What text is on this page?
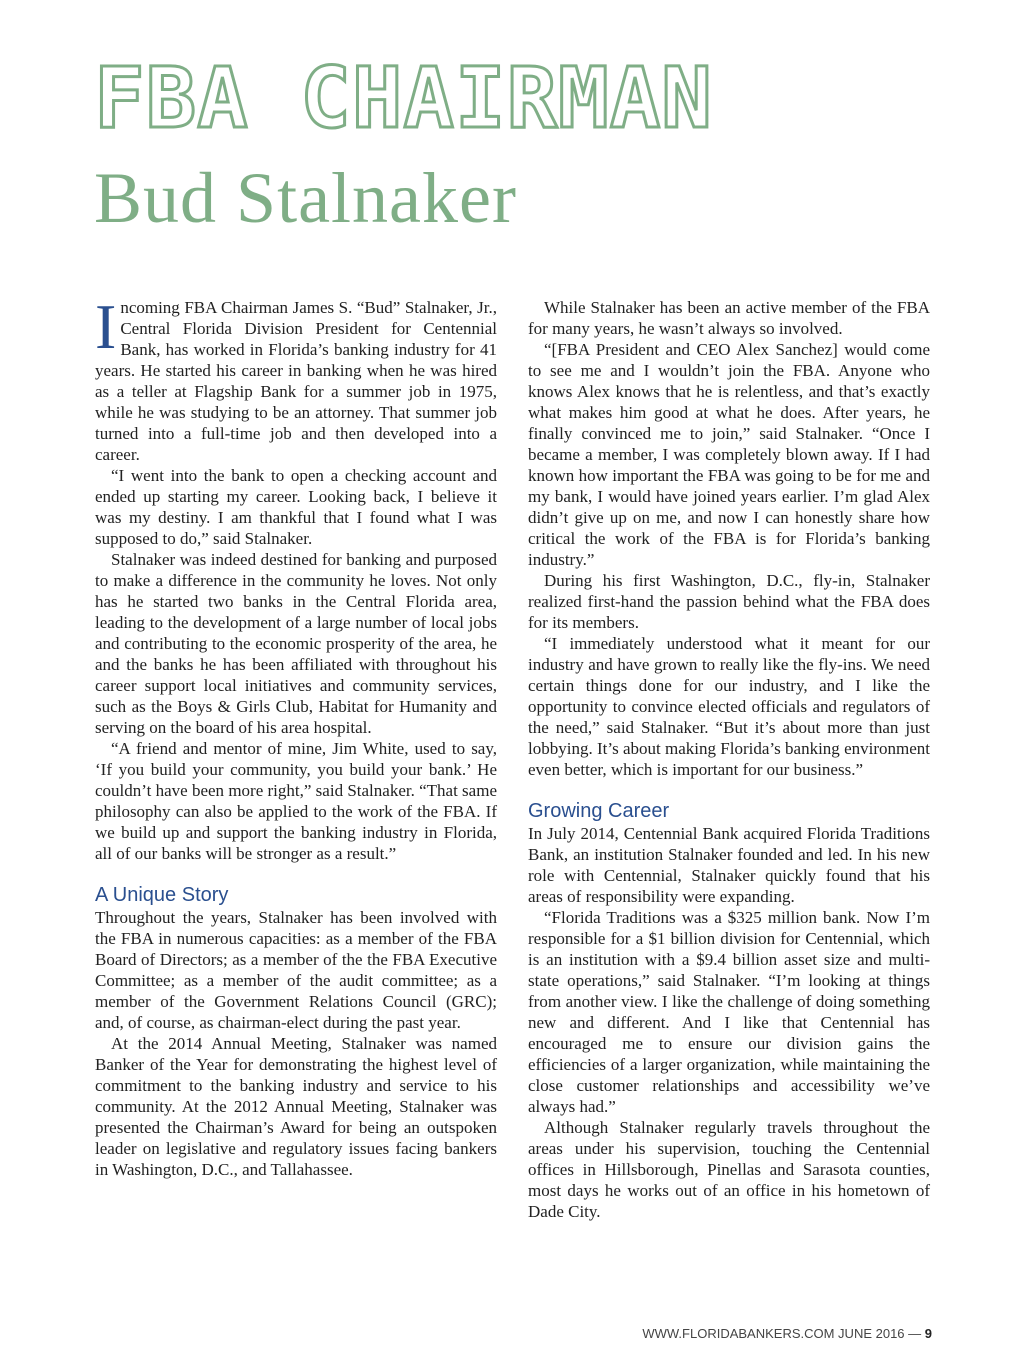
FBA CHAIRMAN
Bud Stalnaker

Incoming FBA Chairman James S. “Bud” Stalnaker, Jr., Central Florida Division President for Centennial Bank, has worked in Florida’s banking industry for 41 years. He started his career in banking when he was hired as a teller at Flagship Bank for a summer job in 1975, while he was studying to be an attorney. That summer job turned into a full-time job and then developed into a career.

“I went into the bank to open a checking account and ended up starting my career. Looking back, I believe it was my destiny. I am thankful that I found what I was supposed to do,” said Stalnaker.

Stalnaker was indeed destined for banking and purposed to make a difference in the community he loves. Not only has he started two banks in the Central Florida area, leading to the development of a large number of local jobs and contributing to the economic prosperity of the area, he and the banks he has been affiliated with throughout his career support local initiatives and community services, such as the Boys & Girls Club, Habitat for Humanity and serving on the board of his area hospital.

“A friend and mentor of mine, Jim White, used to say, ‘If you build your community, you build your bank.’ He couldn’t have been more right,” said Stalnaker. “That same philosophy can also be applied to the work of the FBA. If we build up and support the banking industry in Florida, all of our banks will be stronger as a result.”

A Unique Story

Throughout the years, Stalnaker has been involved with the FBA in numerous capacities: as a member of the FBA Board of Directors; as a member of the the FBA Executive Committee; as a member of the audit committee; as a member of the Government Relations Council (GRC); and, of course, as chairman-elect during the past year.

At the 2014 Annual Meeting, Stalnaker was named Banker of the Year for demonstrating the highest level of commitment to the banking industry and service to his community. At the 2012 Annual Meeting, Stalnaker was presented the Chairman’s Award for being an outspoken leader on legislative and regulatory issues facing bankers in Washington, D.C., and Tallahassee.

While Stalnaker has been an active member of the FBA for many years, he wasn’t always so involved.

“[FBA President and CEO Alex Sanchez] would come to see me and I wouldn’t join the FBA. Anyone who knows Alex knows that he is relentless, and that’s exactly what makes him good at what he does. After years, he finally convinced me to join,” said Stalnaker. “Once I became a member, I was completely blown away. If I had known how important the FBA was going to be for me and my bank, I would have joined years earlier. I’m glad Alex didn’t give up on me, and now I can honestly share how critical the work of the FBA is for Florida’s banking industry.”

During his first Washington, D.C., fly-in, Stalnaker realized first-hand the passion behind what the FBA does for its members.

“I immediately understood what it meant for our industry and have grown to really like the fly-ins. We need certain things done for our industry, and I like the opportunity to convince elected officials and regulators of the need,” said Stalnaker. “But it’s about more than just lobbying. It’s about making Florida’s banking environment even better, which is important for our business.”

Growing Career

In July 2014, Centennial Bank acquired Florida Traditions Bank, an institution Stalnaker founded and led. In his new role with Centennial, Stalnaker quickly found that his areas of responsibility were expanding.

“Florida Traditions was a $325 million bank. Now I’m responsible for a $1 billion division for Centennial, which is an institution with a $9.4 billion asset size and multi-state operations,” said Stalnaker. “I’m looking at things from another view. I like the challenge of doing something new and different. And I like that Centennial has encouraged me to ensure our division gains the efficiencies of a larger organization, while maintaining the close customer relationships and accessibility we’ve always had.”

Although Stalnaker regularly travels throughout the areas under his supervision, touching the Centennial offices in Hillsborough, Pinellas and Sarasota counties, most days he works out of an office in his hometown of Dade City.

WWW.FLORIDABANKERS.COM JUNE 2016 — 9
